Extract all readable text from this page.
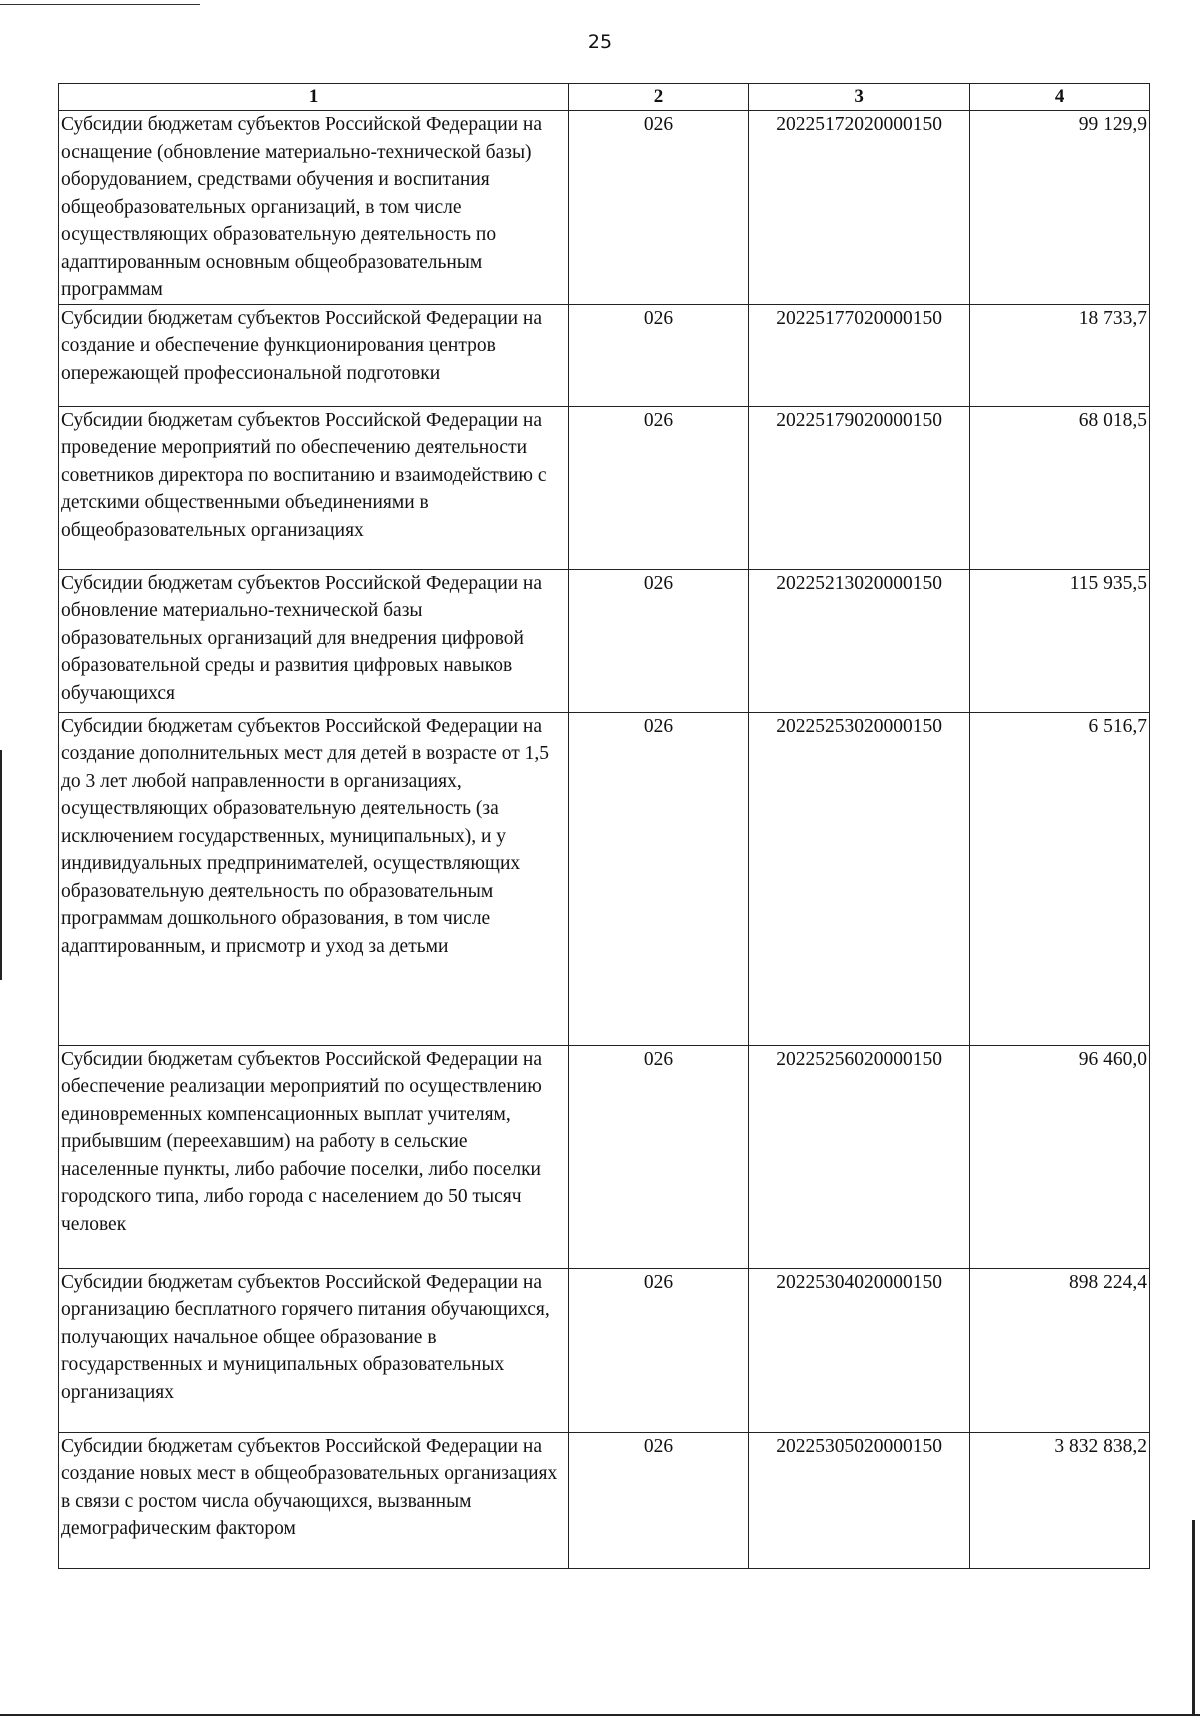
25
1	2	3	4
Субсидии бюджетам субъектов Российской Федерации на оснащение (обновление материально-технической базы) оборудованием, средствами обучения и воспитания общеобразовательных организаций, в том числе осуществляющих образовательную деятельность по адаптированным основным общеобразовательным программам	026	20225172020000150	99 129,9
Субсидии бюджетам субъектов Российской Федерации на создание и обеспечение функционирования центров опережающей профессиональной подготовки	026	20225177020000150	18 733,7
Субсидии бюджетам субъектов Российской Федерации на проведение мероприятий по обеспечению деятельности советников директора по воспитанию и взаимодействию с детскими общественными объединениями в общеобразовательных организациях	026	20225179020000150	68 018,5
Субсидии бюджетам субъектов Российской Федерации на обновление материально-технической базы образовательных организаций для внедрения цифровой образовательной среды и развития цифровых навыков обучающихся	026	20225213020000150	115 935,5
Субсидии бюджетам субъектов Российской Федерации на создание дополнительных мест для детей в возрасте от 1,5 до 3 лет любой направленности в организациях, осуществляющих образовательную деятельность (за исключением государственных, муниципальных), и у индивидуальных предпринимателей, осуществляющих образовательную деятельность по образовательным программам дошкольного образования, в том числе адаптированным, и присмотр и уход за детьми	026	20225253020000150	6 516,7
Субсидии бюджетам субъектов Российской Федерации на обеспечение реализации мероприятий по осуществлению единовременных компенсационных выплат учителям, прибывшим (переехавшим) на работу в сельские населенные пункты, либо рабочие поселки, либо поселки городского типа, либо города с населением до 50 тысяч человек	026	20225256020000150	96 460,0
Субсидии бюджетам субъектов Российской Федерации на организацию бесплатного горячего питания обучающихся, получающих начальное общее образование в государственных и муниципальных образовательных организациях	026	20225304020000150	898 224,4
Субсидии бюджетам субъектов Российской Федерации на создание новых мест в общеобразовательных организациях в связи с ростом числа обучающихся, вызванным демографическим фактором	026	20225305020000150	3 832 838,2
